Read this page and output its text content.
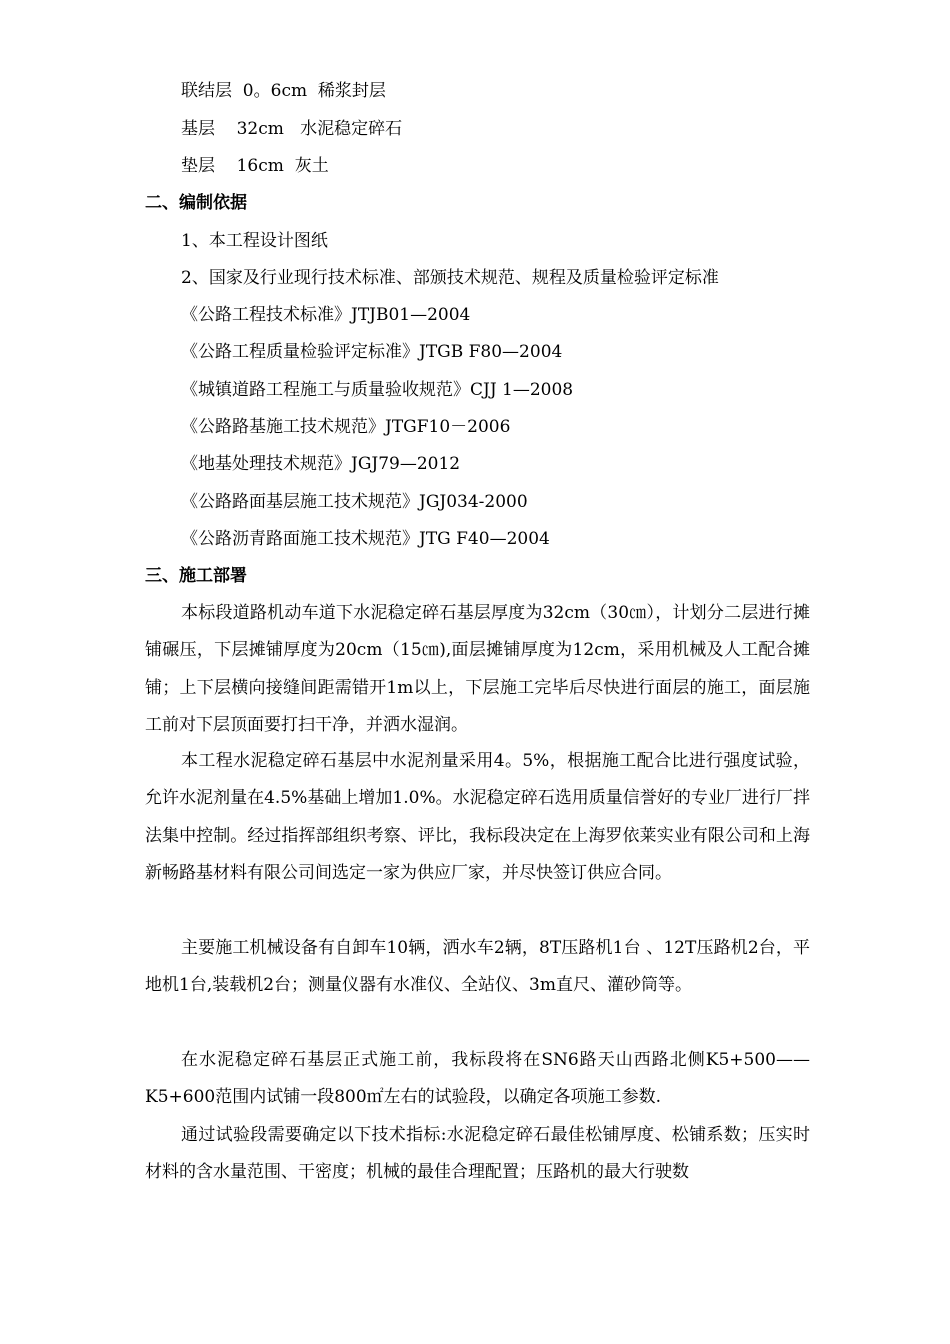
联结层  0。6cm  稀浆封层
基层    32cm   水泥稳定碎石
垫层    16cm  灰土
二、编制依据
1、本工程设计图纸
2、国家及行业现行技术标准、部颁技术规范、规程及质量检验评定标准
《公路工程技术标准》JTJB01—2004
《公路工程质量检验评定标准》JTGB F80—2004
《城镇道路工程施工与质量验收规范》CJJ 1—2008
《公路路基施工技术规范》JTGF10－2006
《地基处理技术规范》JGJ79—2012
《公路路面基层施工技术规范》JGJ034-2000
《公路沥青路面施工技术规范》JTG F40—2004
三、施工部署
本标段道路机动车道下水泥稳定碎石基层厚度为32cm（30㎝），计划分二层进行摊铺碾压，下层摊铺厚度为20cm（15㎝),面层摊铺厚度为12cm，采用机械及人工配合摊铺；上下层横向接缝间距需错开1m以上，下层施工完毕后尽快进行面层的施工，面层施工前对下层顶面要打扫干净，并洒水湿润。
本工程水泥稳定碎石基层中水泥剂量采用4。5%，根据施工配合比进行强度试验，允许水泥剂量在4.5%基础上增加1.0%。水泥稳定碎石选用质量信誉好的专业厂进行厂拌法集中控制。经过指挥部组织考察、评比，我标段决定在上海罗依莱实业有限公司和上海新畅路基材料有限公司间选定一家为供应厂家，并尽快签订供应合同。
主要施工机械设备有自卸车10辆，洒水车2辆，8T压路机1台 、12T压路机2台，平地机1台,装载机2台；测量仪器有水准仪、全站仪、3m直尺、灌砂筒等。
在水泥稳定碎石基层正式施工前，我标段将在SN6路天山西路北侧K5+500——K5+600范围内试铺一段800㎡左右的试验段，以确定各项施工参数.
通过试验段需要确定以下技术指标:水泥稳定碎石最佳松铺厚度、松铺系数；压实时材料的含水量范围、干密度；机械的最佳合理配置；压路机的最大行驶数
